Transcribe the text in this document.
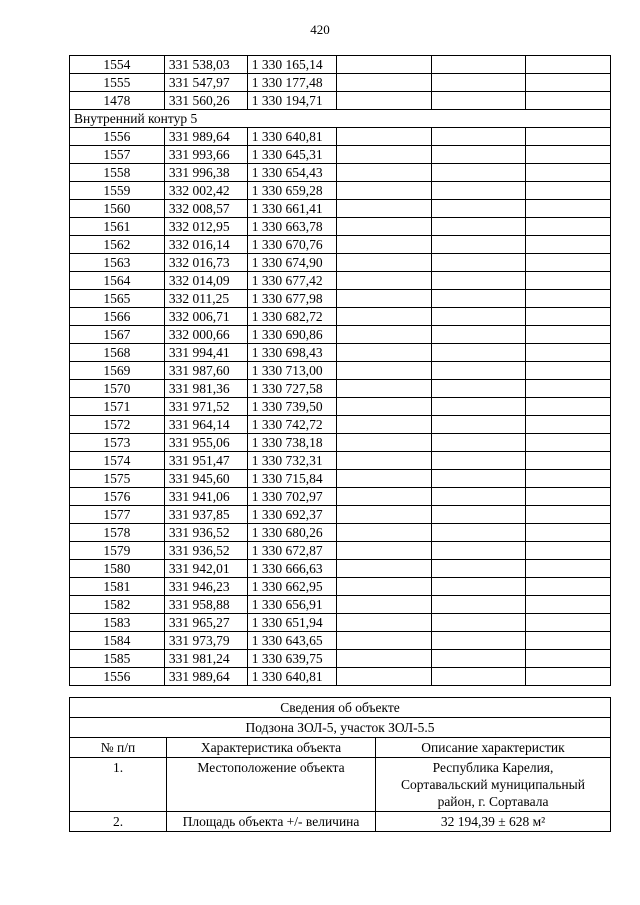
420
1554	331 538,03	1 330 165,14			
1555	331 547,97	1 330 177,48			
1478	331 560,26	1 330 194,71			
Внутренний контур 5					
1556	331 989,64	1 330 640,81			
1557	331 993,66	1 330 645,31			
1558	331 996,38	1 330 654,43			
1559	332 002,42	1 330 659,28			
1560	332 008,57	1 330 661,41			
1561	332 012,95	1 330 663,78			
1562	332 016,14	1 330 670,76			
1563	332 016,73	1 330 674,90			
1564	332 014,09	1 330 677,42			
1565	332 011,25	1 330 677,98			
1566	332 006,71	1 330 682,72			
1567	332 000,66	1 330 690,86			
1568	331 994,41	1 330 698,43			
1569	331 987,60	1 330 713,00			
1570	331 981,36	1 330 727,58			
1571	331 971,52	1 330 739,50			
1572	331 964,14	1 330 742,72			
1573	331 955,06	1 330 738,18			
1574	331 951,47	1 330 732,31			
1575	331 945,60	1 330 715,84			
1576	331 941,06	1 330 702,97			
1577	331 937,85	1 330 692,37			
1578	331 936,52	1 330 680,26			
1579	331 936,52	1 330 672,87			
1580	331 942,01	1 330 666,63			
1581	331 946,23	1 330 662,95			
1582	331 958,88	1 330 656,91			
1583	331 965,27	1 330 651,94			
1584	331 973,79	1 330 643,65			
1585	331 981,24	1 330 639,75			
1556	331 989,64	1 330 640,81			
Сведения об объекте		
Подзона ЗОЛ-5, участок ЗОЛ-5.5		
№ п/п	Характеристика объекта	Описание характеристик
1.	Местоположение объекта	Республика Карелия,
Сортавальский муниципальный
район, г. Сортавала

2.	Площадь объекта +/- величина	32 194,39 ± 628 м²
